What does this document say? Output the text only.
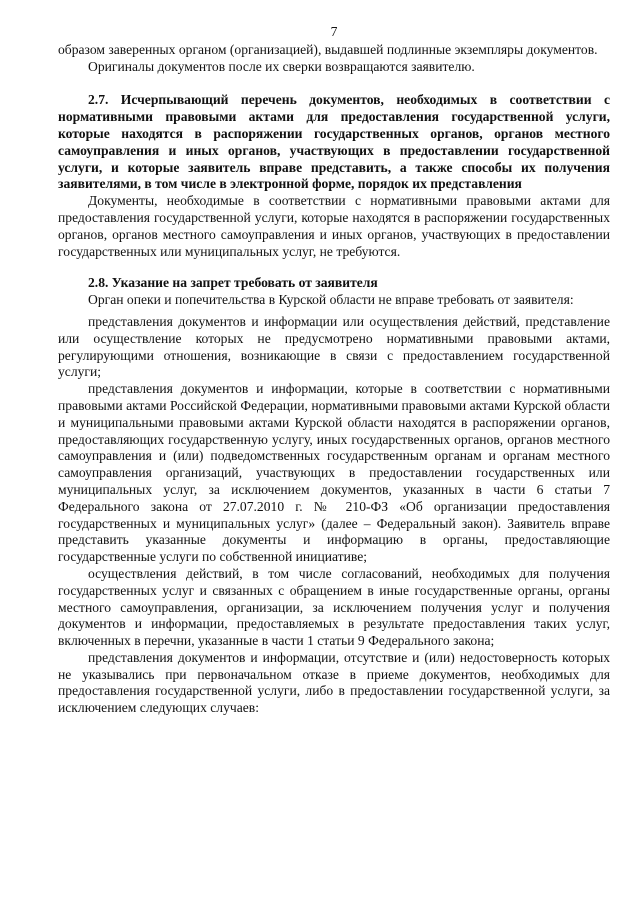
7

образом заверенных органом (организацией), выдавшей подлинные экземпляры документов.

Оригиналы документов после их сверки возвращаются заявителю.

2.7. Исчерпывающий перечень документов, необходимых в соответствии с нормативными правовыми актами для предоставления государственной услуги, которые находятся в распоряжении государственных органов, органов местного самоуправления и иных органов, участвующих в предоставлении государственной услуги, и которые заявитель вправе представить, а также способы их получения заявителями, в том числе в электронной форме, порядок их представления

Документы, необходимые в соответствии с нормативными правовыми актами для предоставления государственной услуги, которые находятся в распоряжении государственных органов, органов местного самоуправления и иных органов, участвующих в предоставлении государственных или муниципальных услуг, не требуются.

2.8. Указание на запрет требовать от заявителя

Орган опеки и попечительства в Курской области не вправе требовать от заявителя:

представления документов и информации или осуществления действий, представление или осуществление которых не предусмотрено нормативными правовыми актами, регулирующими отношения, возникающие в связи с предоставлением государственной услуги;

представления документов и информации, которые в соответствии с нормативными правовыми актами Российской Федерации, нормативными правовыми актами Курской области и муниципальными правовыми актами Курской области находятся в распоряжении органов, предоставляющих государственную услугу, иных государственных органов, органов местного самоуправления и (или) подведомственных государственным органам и органам местного самоуправления организаций, участвующих в предоставлении государственных или муниципальных услуг, за исключением документов, указанных в части 6 статьи 7 Федерального закона от 27.07.2010 г. № 210-ФЗ «Об организации предоставления государственных и муниципальных услуг» (далее – Федеральный закон). Заявитель вправе представить указанные документы и информацию в органы, предоставляющие государственные услуги по собственной инициативе;

осуществления действий, в том числе согласований, необходимых для получения государственных услуг и связанных с обращением в иные государственные органы, органы местного самоуправления, организации, за исключением получения услуг и получения документов и информации, предоставляемых в результате предоставления таких услуг, включенных в перечни, указанные в части 1 статьи 9 Федерального закона;

представления документов и информации, отсутствие и (или) недостоверность которых не указывались при первоначальном отказе в приеме документов, необходимых для предоставления государственной услуги, либо в предоставлении государственной услуги, за исключением следующих случаев:
